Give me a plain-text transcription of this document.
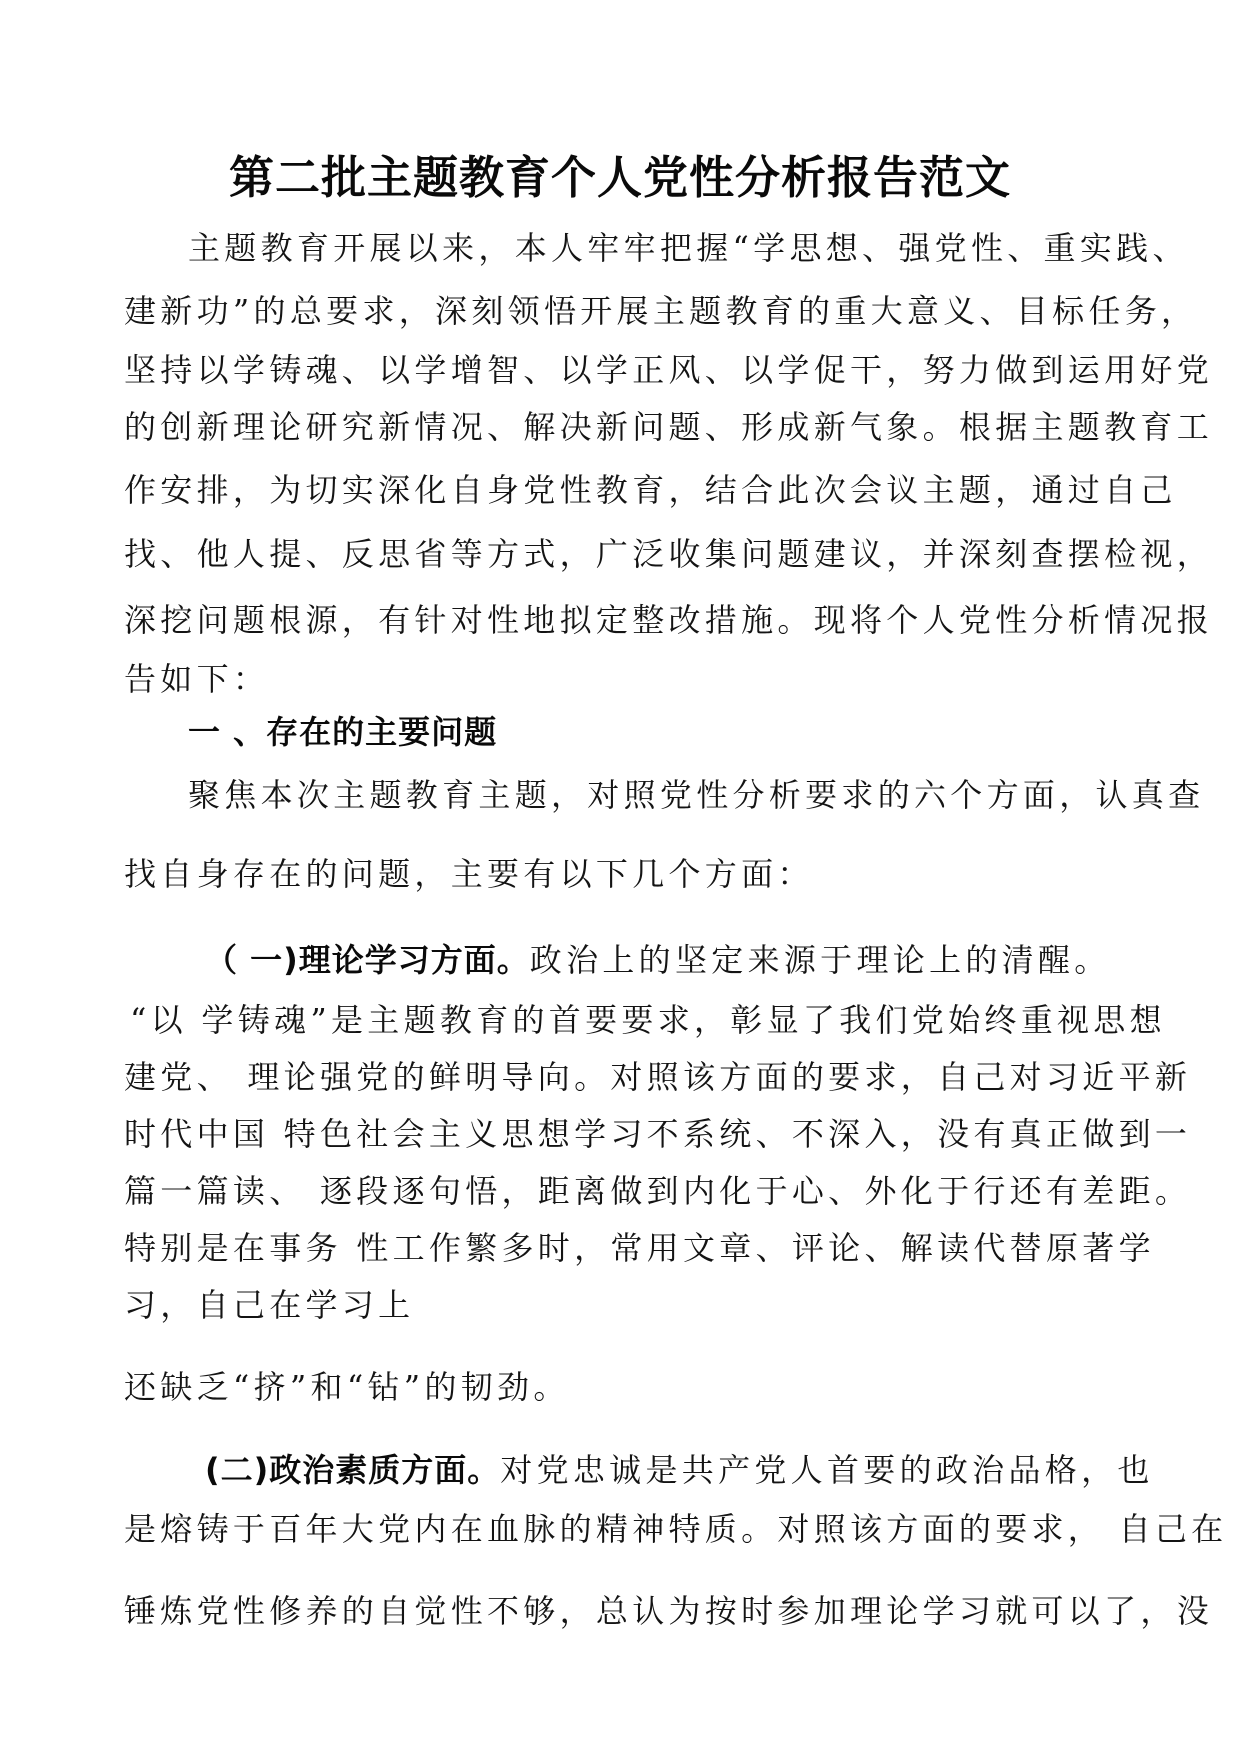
第二批主题教育个人党性分析报告范文
主题教育开展以来，本人牢牢把握“学思想、强党性、重实践、
建新功”的总要求，深刻领悟开展主题教育的重大意义、目标任务，
坚持以学铸魂、以学增智、以学正风、以学促干，努力做到运用好党
的创新理论研究新情况、解决新问题、形成新气象。根据主题教育工
作安排，为切实深化自身党性教育，结合此次会议主题，通过自己
找、他人提、反思省等方式，广泛收集问题建议，并深刻查摆检视，
深挖问题根源，有针对性地拟定整改措施。现将个人党性分析情况报
告如下：
一 、存在的主要问题
聚焦本次主题教育主题，对照党性分析要求的六个方面，认真查
找自身存在的问题，主要有以下几个方面：
（ 一)理论学习方面。政治上的坚定来源于理论上的清醒。
“以 学铸魂”是主题教育的首要要求，彰显了我们党始终重视思想
建党、 理论强党的鲜明导向。对照该方面的要求，自己对习近平新
时代中国 特色社会主义思想学习不系统、不深入，没有真正做到一
篇一篇读、 逐段逐句悟，距离做到内化于心、外化于行还有差距。
特别是在事务 性工作繁多时，常用文章、评论、解读代替原著学
习，自己在学习上
还缺乏“挤”和“钻”的韧劲。
(二)政治素质方面。对党忠诚是共产党人首要的政治品格，也
是熔铸于百年大党内在血脉的精神特质。对照该方面的要求， 自己在
锤炼党性修养的自觉性不够，总认为按时参加理论学习就可以了，没
